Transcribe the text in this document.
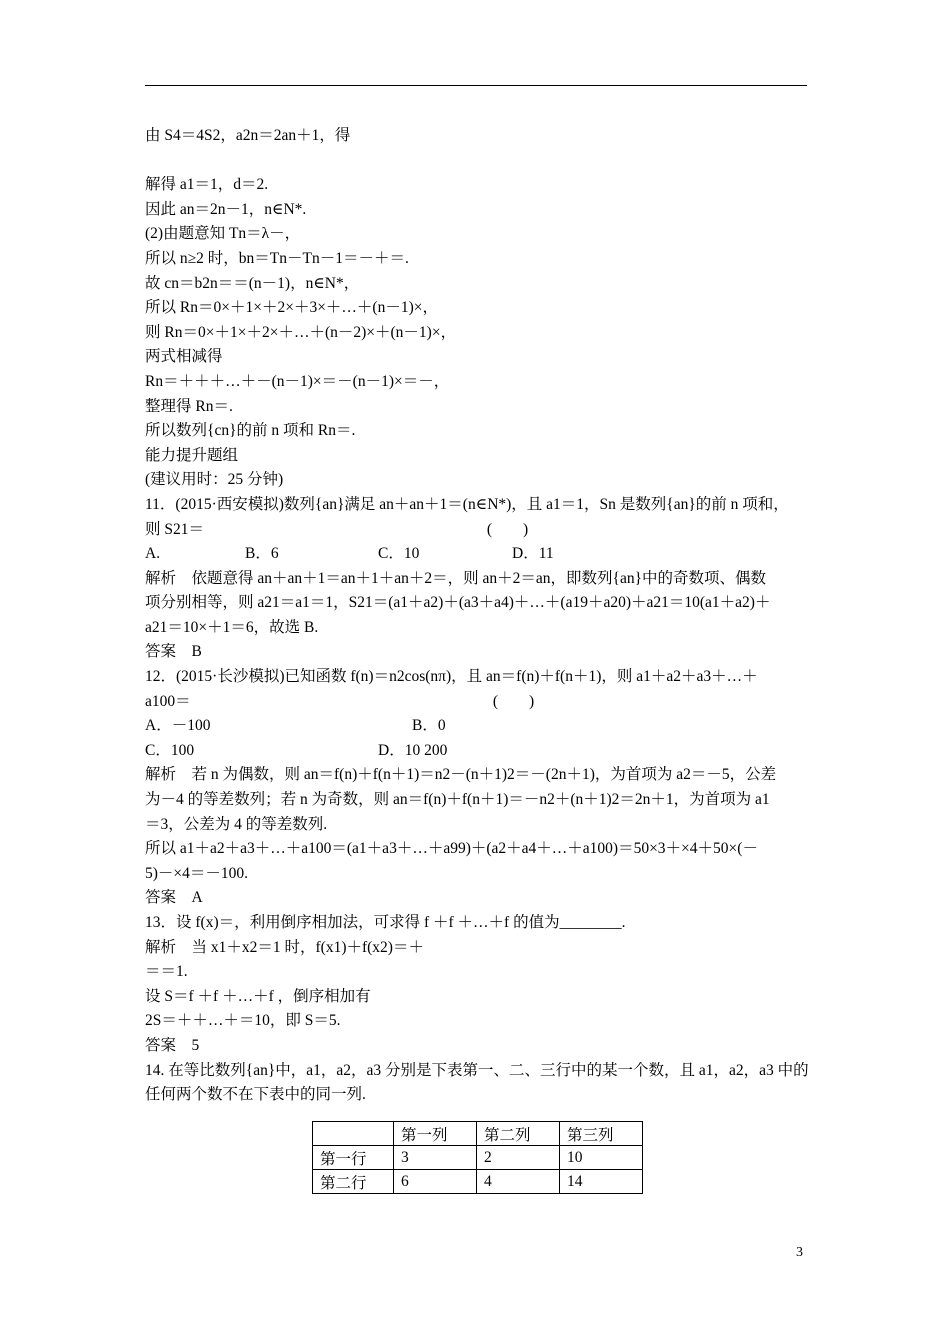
由 S4＝4S2，a2n＝2an＋1，得
解得 a1＝1，d＝2.
因此 an＝2n－1，n∈N*.
(2)由题意知 Tn＝λ－，
所以 n≥2 时，bn＝Tn－Tn－1＝－＋＝.
故 cn＝b2n＝＝(n－1)，n∈N*，
所以 Rn＝0×＋1×＋2×＋3×＋…＋(n－1)×，
则 Rn＝0×＋1×＋2×＋…＋(n－2)×＋(n－1)×，
两式相减得
Rn＝＋＋＋…＋－(n－1)×＝－(n－1)×＝－，
整理得 Rn＝.
所以数列{cn}的前 n 项和 Rn＝.
能力提升题组
(建议用时：25 分钟)
11．(2015·西安模拟)数列{an}满足 an＋an＋1＝(n∈N*)，且 a1＝1，Sn 是数列{an}的前 n 项和，
则 S21＝                                                                         (　　)
A.	B．6	C．10	D．11
解析　依题意得 an＋an＋1＝an＋1＋an＋2＝，则 an＋2＝an，即数列{an}中的奇数项、偶数
项分别相等，则 a21＝a1＝1，S21＝(a1＋a2)＋(a3＋a4)＋…＋(a19＋a20)＋a21＝10(a1＋a2)＋
a21＝10×＋1＝6，故选 B.
答案　B
12．(2015·长沙模拟)已知函数 f(n)＝n2cos(nπ)，且 an＝f(n)＋f(n＋1)，则 a1＋a2＋a3＋…＋
a100＝                                                                              (　　)
A．－100	B．0
C．100	D．10 200
解析　若 n 为偶数，则 an＝f(n)＋f(n＋1)＝n2－(n＋1)2＝－(2n＋1)，为首项为 a2＝－5，公差
为－4 的等差数列；若 n 为奇数，则 an＝f(n)＋f(n＋1)＝－n2＋(n＋1)2＝2n＋1，为首项为 a1
＝3，公差为 4 的等差数列.
所以 a1＋a2＋a3＋…＋a100＝(a1＋a3＋…＋a99)＋(a2＋a4＋…＋a100)＝50×3＋×4＋50×(－
5)－×4＝－100.
答案　A
13．设 f(x)＝，利用倒序相加法，可求得 f ＋f ＋…＋f 的值为________.
解析　当 x1＋x2＝1 时，f(x1)＋f(x2)＝＋
＝＝1.
设 S＝f ＋f ＋…＋f ，倒序相加有
2S＝＋＋…＋＝10，即 S＝5.
答案　5
14. 在等比数列{an}中，a1，a2，a3 分别是下表第一、二、三行中的某一个数，且 a1，a2，a3 中的
任何两个数不在下表中的同一列.
	第一列	第二列	第三列
第一行	3	2	10
第二行	6	4	14
3
